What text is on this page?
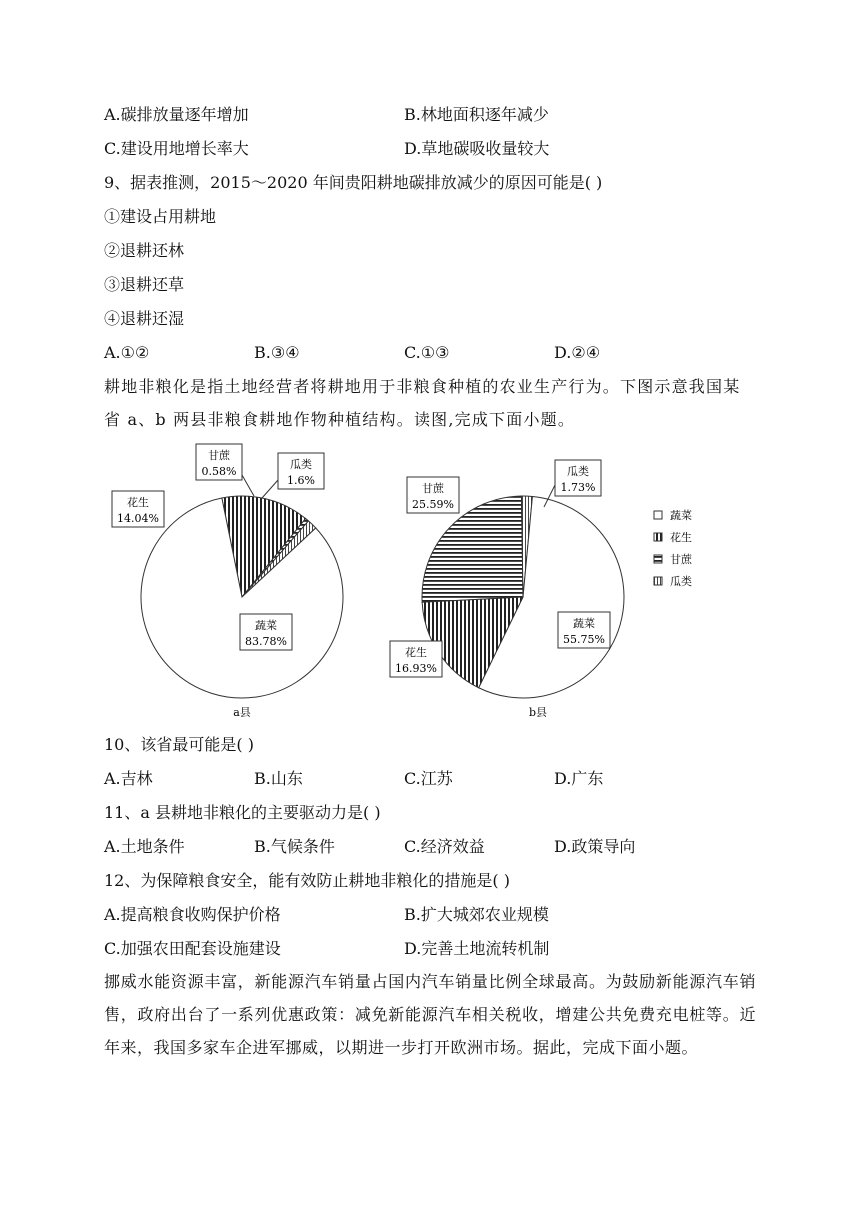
A.碳排放量逐年增加	B.林地面积逐年减少
C.建设用地增长率大	D.草地碳吸收量较大
9、据表推测，2015～2020 年间贵阳耕地碳排放减少的原因可能是( )
①建设占用耕地
②退耕还林
③退耕还草
④退耕还湿
A.①②	B.③④	C.①③	D.②④
耕地非粮化是指土地经营者将耕地用于非粮食种植的农业生产行为。下图示意我国某
省 a、b 两县非粮食耕地作物种植结构。读图,完成下面小题。
甘蔗
0.58%
瓜类
1.6%
花生
14.04%
蔬菜
83.78%
a县
甘蔗
25.59%
瓜类
1.73%
蔬菜
55.75%
花生
16.93%
b县
蔬菜
花生
甘蔗
瓜类
10、该省最可能是( )
A.吉林	B.山东	C.江苏	D.广东
11、a 县耕地非粮化的主要驱动力是( )
A.土地条件	B.气候条件	C.经济效益	D.政策导向
12、为保障粮食安全，能有效防止耕地非粮化的措施是( )
A.提高粮食收购保护价格	B.扩大城郊农业规模
C.加强农田配套设施建设	D.完善土地流转机制
挪威水能资源丰富，新能源汽车销量占国内汽车销量比例全球最高。为鼓励新能源汽车销售，政府出台了一系列优惠政策：减免新能源汽车相关税收，增建公共免费充电桩等。近年来，我国多家车企进军挪威，以期进一步打开欧洲市场。据此，完成下面小题。
